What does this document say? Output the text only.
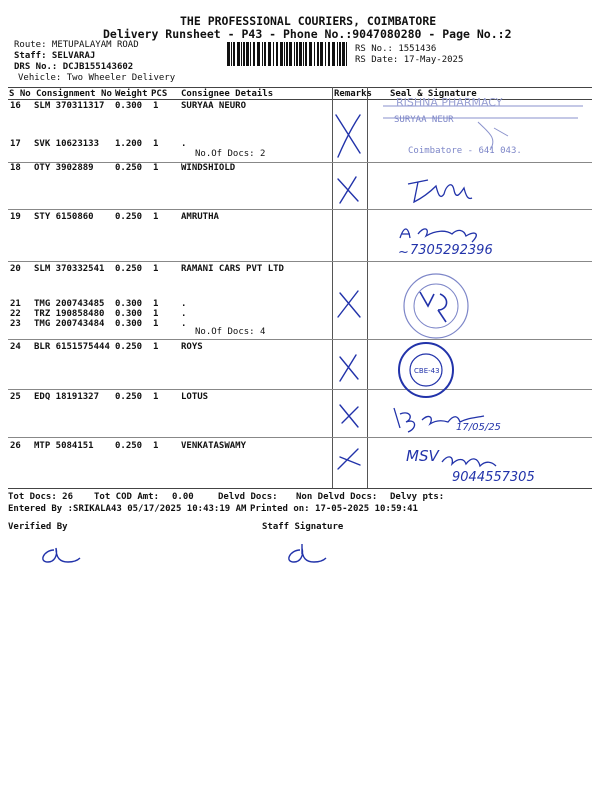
THE PROFESSIONAL COURIERS, COIMBATORE
Delivery Runsheet - P43 - Phone No.:9047080280 - Page No.:2
Route: METUPALAYAM ROAD
Staff: SELVARAJ
DRS No.: DCJB155143602
Vehicle: Two Wheeler Delivery
RS No.: 1551436
RS Date: 17-May-2025
S No Consignment No Weight PCS Consignee Details	Remarks Seal & Signature
16 SLM 370311317 0.300 1	SURYAA NEURO
17 SVK 10623133 1.200 1	.
No.Of Docs: 2
18 OTY 3902889 0.250 1	WINDSHIOLD
19 STY 6150860 0.250 1	AMRUTHA
20 SLM 370332541 0.250 1	RAMANI CARS PVT LTD
21 TMG 200743485 0.300 1	.
22 TRZ 190858480 0.300 1	.
23 TMG 200743484 0.300 1	.
No.Of Docs: 4
24 BLR 6151575444 0.250 1	ROYS
25 EDQ 18191327 0.250 1	LOTUS
26 MTP 5084151 0.250 1	VENKATASWAMY
RISHNA PHARMACY
SURYAA NEUR
Coimbatore - 641 043.
~ 7305292396
CBE-43
17/05/25
MSV
9044557305
Tot Docs: 26 Tot COD Amt: 0.00	Delvd Docs: Non Delvd Docs: Delvy pts:
Entered By :SRIKALA43 05/17/2025 10:43:19 AM Printed on: 17-05-2025 10:59:41
Verified By	Staff Signature
